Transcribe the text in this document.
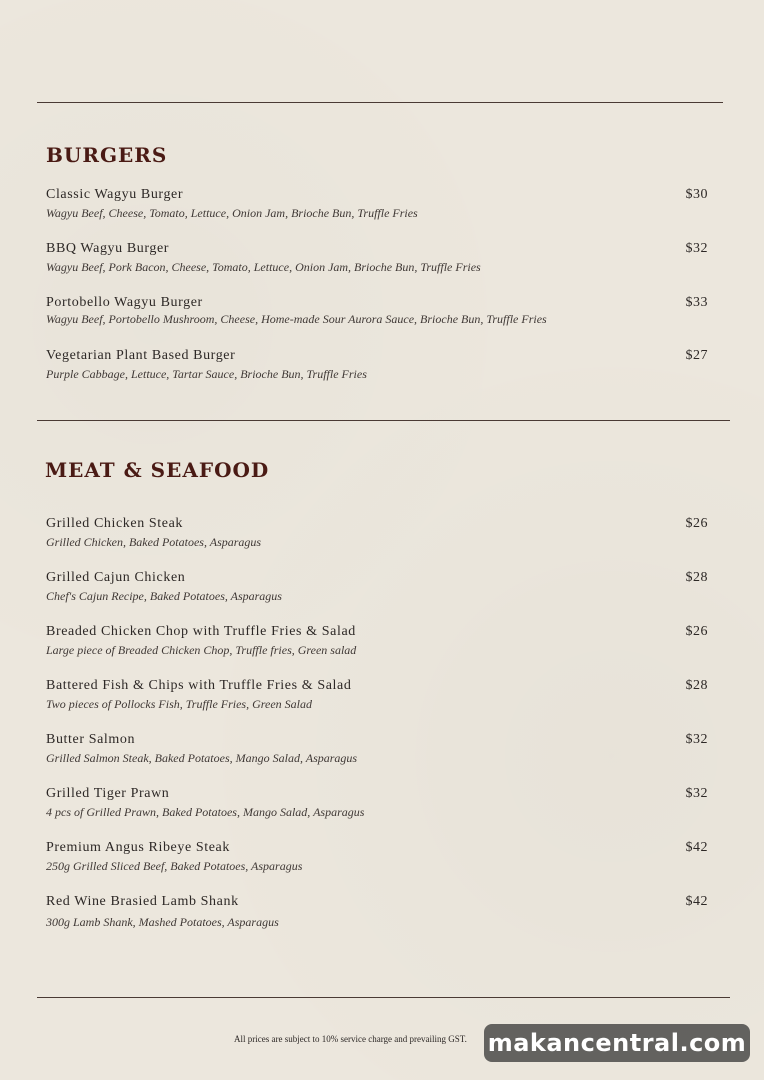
BURGERS
Classic Wagyu Burger
Wagyu Beef, Cheese, Tomato, Lettuce, Onion Jam, Brioche Bun, Truffle Fries
$30
BBQ Wagyu Burger
Wagyu Beef, Pork Bacon, Cheese, Tomato, Lettuce, Onion Jam, Brioche Bun, Truffle Fries
$32
Portobello Wagyu Burger
Wagyu Beef, Portobello Mushroom, Cheese, Home-made Sour Aurora Sauce, Brioche Bun, Truffle Fries
$33
Vegetarian Plant Based Burger
Purple Cabbage, Lettuce, Tartar Sauce, Brioche Bun, Truffle Fries
$27
MEAT & SEAFOOD
Grilled Chicken Steak
Grilled Chicken, Baked Potatoes, Asparagus
$26
Grilled Cajun Chicken
Chef's Cajun Recipe, Baked Potatoes, Asparagus
$28
Breaded Chicken Chop with Truffle Fries & Salad
Large piece of Breaded Chicken Chop, Truffle fries, Green salad
$26
Battered Fish & Chips with Truffle Fries & Salad
Two pieces of Pollocks Fish, Truffle Fries, Green Salad
$28
Butter Salmon
Grilled Salmon Steak, Baked Potatoes, Mango Salad, Asparagus
$32
Grilled Tiger Prawn
4 pcs of Grilled Prawn, Baked Potatoes, Mango Salad, Asparagus
$32
Premium Angus Ribeye Steak
250g Grilled Sliced Beef, Baked Potatoes, Asparagus
$42
Red Wine Brasied Lamb Shank
300g Lamb Shank, Mashed Potatoes, Asparagus
$42
All prices are subject to 10% service charge and prevailing GST. makancentral.com
